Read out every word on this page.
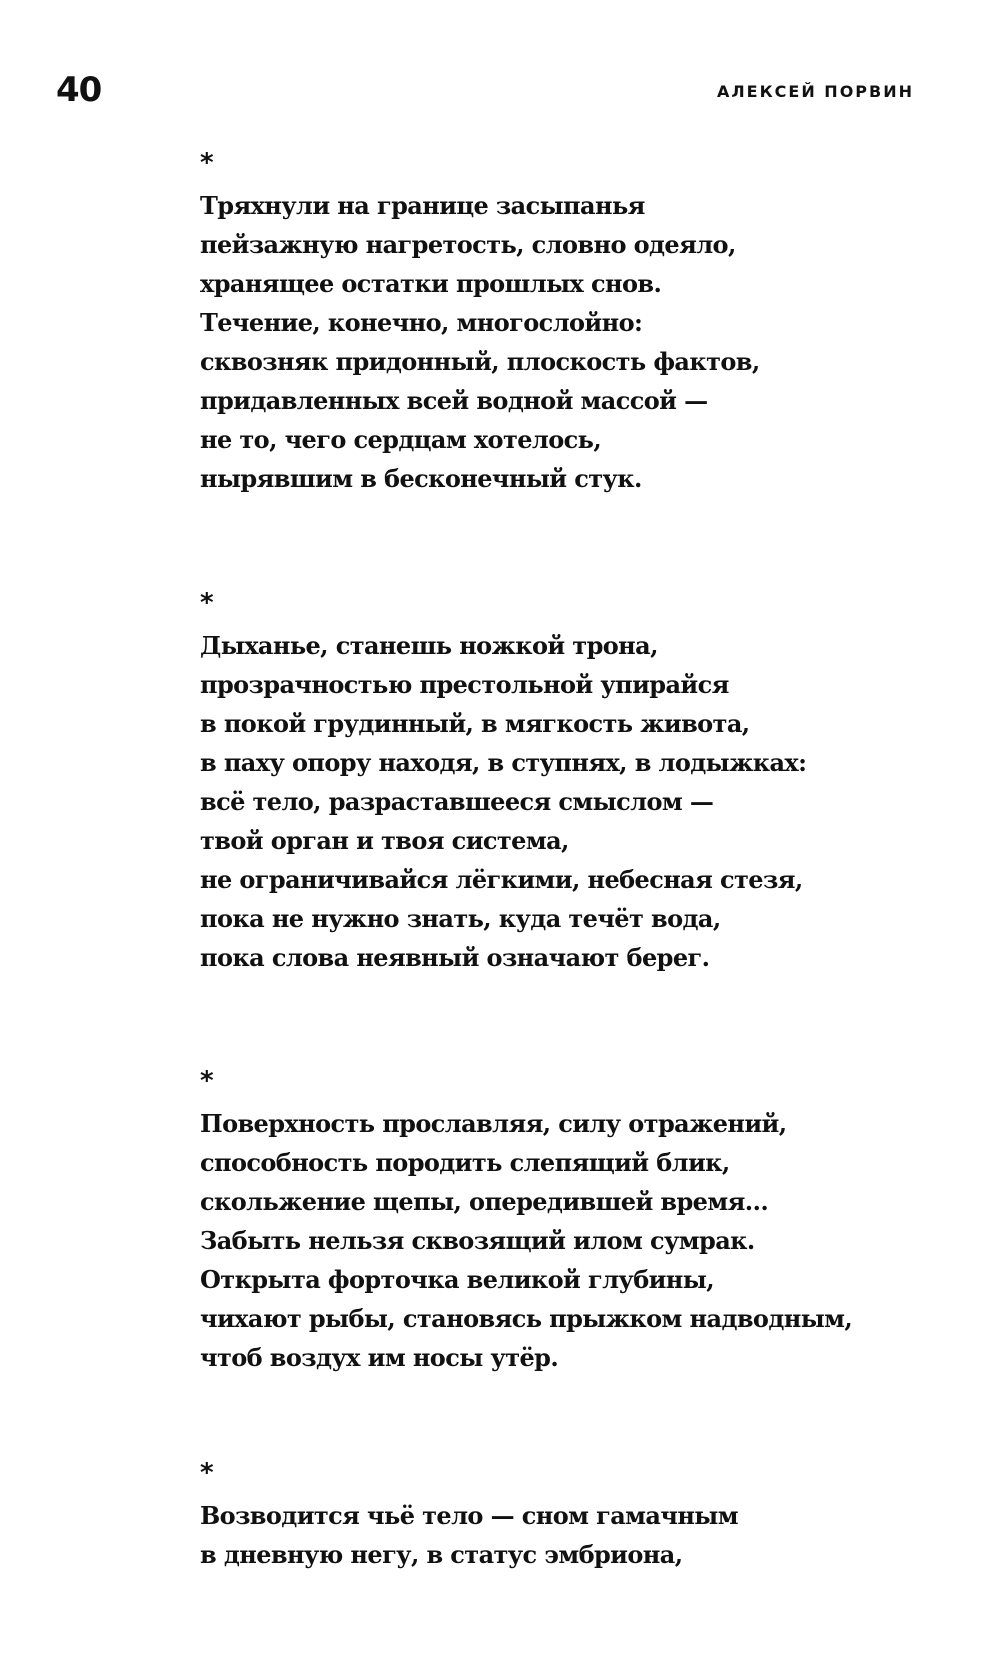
40	АЛЕКСЕЙ ПОРВИН
*
Тряхнули на границе засыпанья
пейзажную нагретость, словно одеяло,
хранящее остатки прошлых снов.
Течение, конечно, многослойно:
сквозняк придонный, плоскость фактов,
придавленных всей водной массой —
не то, чего сердцам хотелось,
нырявшим в бесконечный стук.
*
Дыханье, станешь ножкой трона,
прозрачностью престольной упирайся
в покой грудинный, в мягкость живота,
в паху опору находя, в ступнях, в лодыжках:
всё тело, разраставшееся смыслом —
твой орган и твоя система,
не ограничивайся лёгкими, небесная стезя,
пока не нужно знать, куда течёт вода,
пока слова неявный означают берег.
*
Поверхность прославляя, силу отражений,
способность породить слепящий блик,
скольжение щепы, опередившей время…
Забыть нельзя сквозящий илом сумрак.
Открыта форточка великой глубины,
чихают рыбы, становясь прыжком надводным,
чтоб воздух им носы утёр.
*
Возводится чьё тело — сном гамачным
в дневную негу, в статус эмбриона,
